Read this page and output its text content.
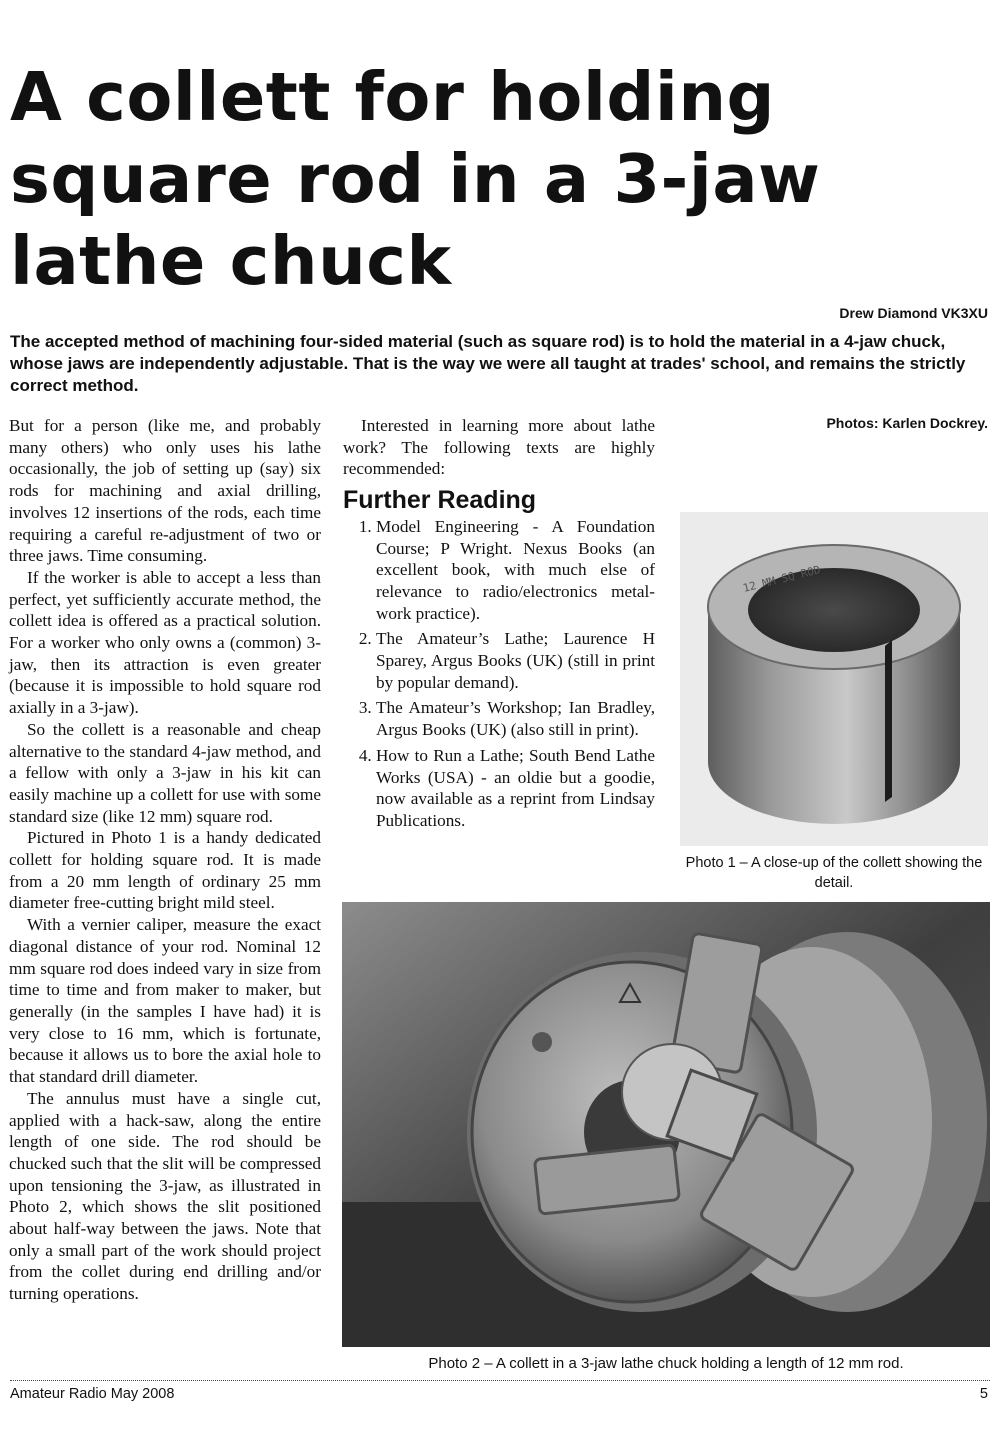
A collett for holding
square rod in a 3-jaw
lathe chuck
Drew Diamond VK3XU
The accepted method of machining four-sided material (such as square rod) is to hold the material in a 4-jaw chuck, whose jaws are independently adjustable. That is the way we were all taught at trades' school, and remains the strictly correct method.

But for a person (like me, and probably many others) who only uses his lathe occasionally, the job of setting up (say) six rods for machining and axial drilling, involves 12 insertions of the rods, each time requiring a careful re-adjustment of two or three jaws. Time consuming.

If the worker is able to accept a less than perfect, yet sufficiently accurate method, the collett idea is offered as a practical solution. For a worker who only owns a (common) 3-jaw, then its attraction is even greater (because it is impossible to hold square rod axially in a 3-jaw).

So the collett is a reasonable and cheap alternative to the standard 4-jaw method, and a fellow with only a 3-jaw in his kit can easily machine up a collett for use with some standard size (like 12 mm) square rod.

Pictured in Photo 1 is a handy dedicated collett for holding square rod. It is made from a 20 mm length of ordinary 25 mm diameter free-cutting bright mild steel.

With a vernier caliper, measure the exact diagonal distance of your rod. Nominal 12 mm square rod does indeed vary in size from time to time and from maker to maker, but generally (in the samples I have had) it is very close to 16 mm, which is fortunate, because it allows us to bore the axial hole to that standard drill diameter.

The annulus must have a single cut, applied with a hack-saw, along the entire length of one side. The rod should be chucked such that the slit will be compressed upon tensioning the 3-jaw, as illustrated in Photo 2, which shows the slit positioned about half-way between the jaws. Note that only a small part of the work should project from the collet during end drilling and/or turning operations.

Interested in learning more about lathe work? The following texts are highly recommended:

Further Reading
1. Model Engineering - A Foundation Course; P Wright. Nexus Books (an excellent book, with much else of relevance to radio/electronics metal-work practice).
2. The Amateur’s Lathe; Laurence H Sparey, Argus Books (UK) (still in print by popular demand).
3. The Amateur’s Workshop; Ian Bradley, Argus Books (UK) (also still in print).
4. How to Run a Lathe; South Bend Lathe Works (USA) - an oldie but a goodie, now available as a reprint from Lindsay Publications.
Photos: Karlen Dockrey.
12 MM SQ ROD
Photo 1 – A close-up of the collett showing the detail.
Photo 2 – A collett in a 3-jaw lathe chuck holding a length of 12 mm rod.
Amateur Radio May 2008	5
